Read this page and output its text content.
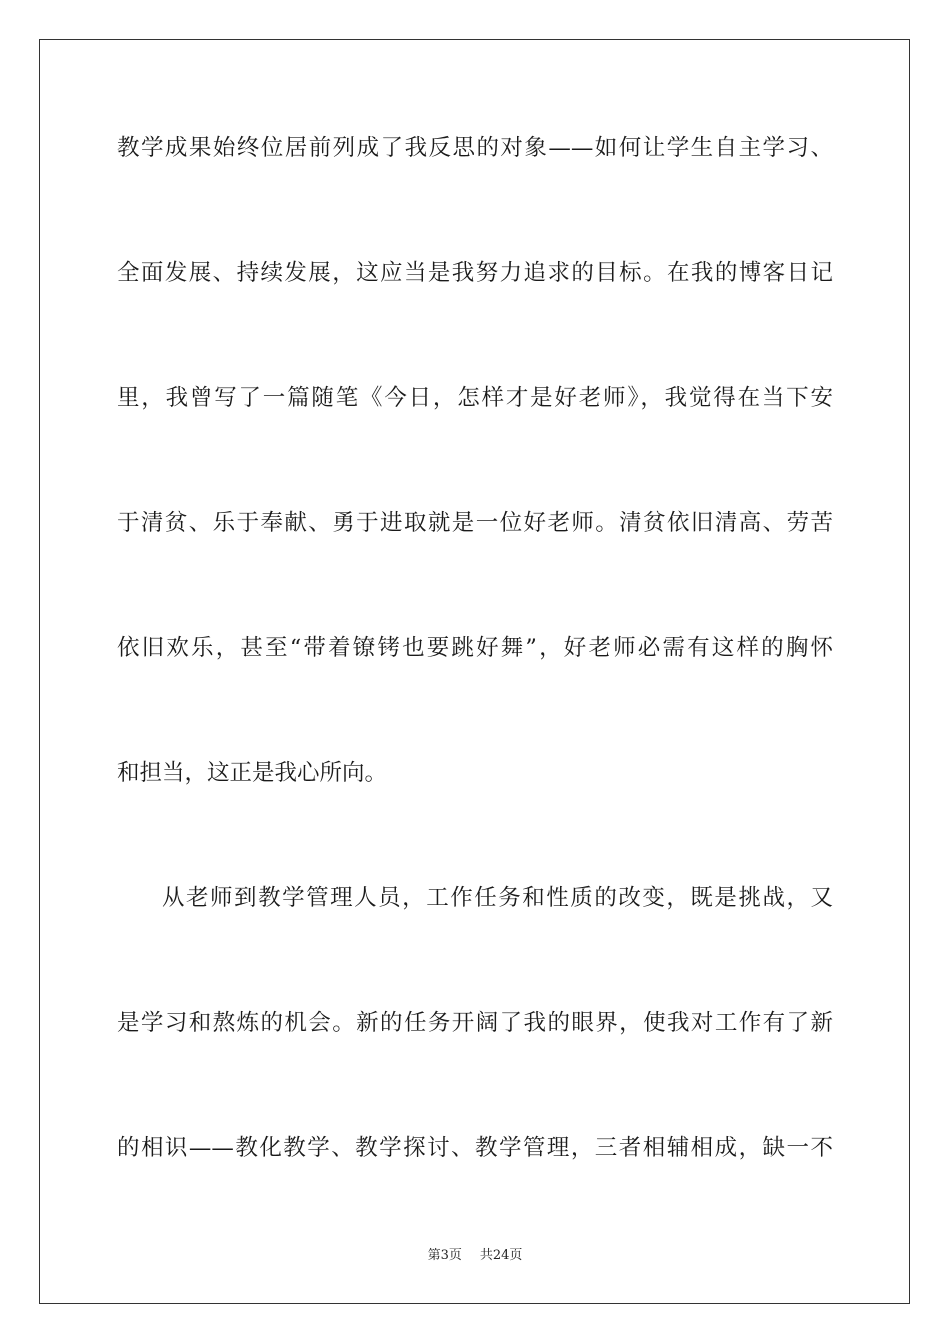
教学成果始终位居前列成了我反思的对象——如何让学生自主学习、
全面发展、持续发展，这应当是我努力追求的目标。在我的博客日记
里，我曾写了一篇随笔《今日，怎样才是好老师》，我觉得在当下安
于清贫、乐于奉献、勇于进取就是一位好老师。清贫依旧清高、劳苦
依旧欢乐，甚至“带着镣铐也要跳好舞”，好老师必需有这样的胸怀
和担当，这正是我心所向。
从老师到教学管理人员，工作任务和性质的改变，既是挑战，又
是学习和熬炼的机会。新的任务开阔了我的眼界，使我对工作有了新
的相识——教化教学、教学探讨、教学管理，三者相辅相成，缺一不
第3页 共24页
